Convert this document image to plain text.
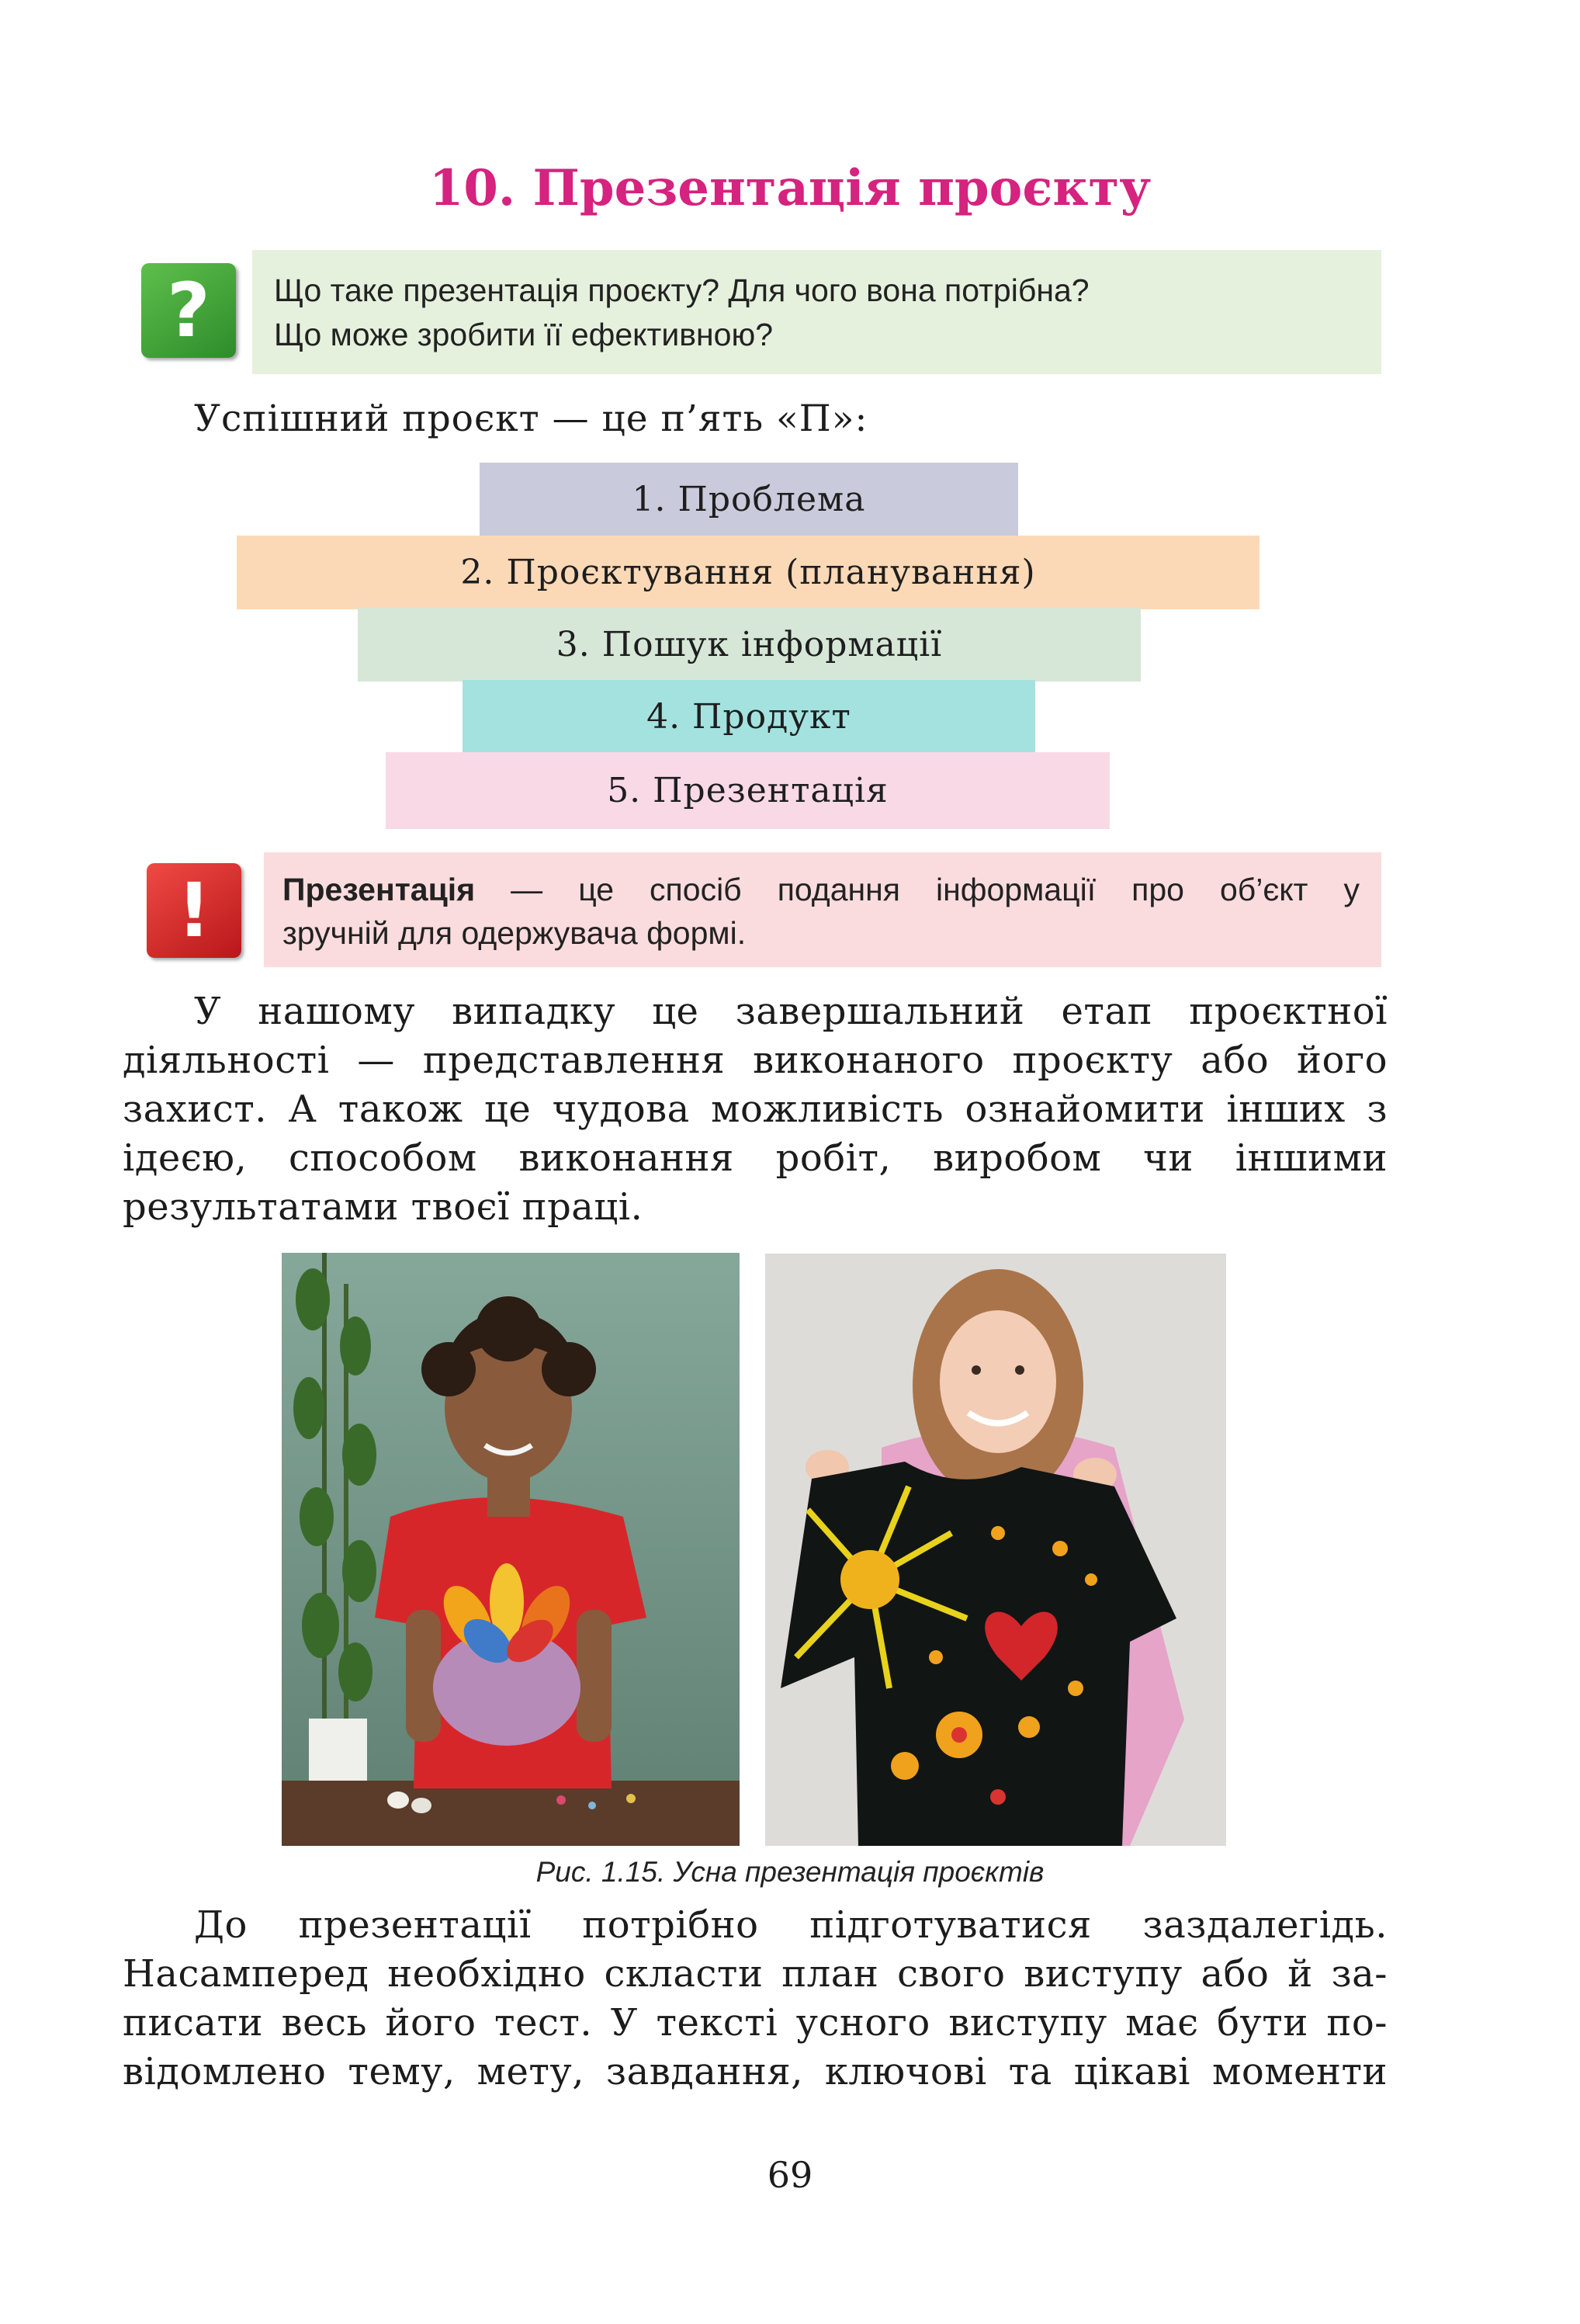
10. Презентація проєкту
?	Що таке презентація проєкту? Для чого вона потрібна?
Що може зробити її ефективною?
Успішний проєкт — це п’ять «П»:
1. Проблема
2. Проєктування (планування)
3. Пошук інформації
4. Продукт
5. Презентація
!	Презентація — це спосіб подання інформації про об’єкт у
зручній для одержувача формі.
У нашому випадку це завершальний етап проєктної
діяльності — представлення виконаного проєкту або його
захист. А також це чудова можливість ознайомити інших з
ідеєю, способом виконання робіт, виробом чи іншими
результатами твоєї праці.
Рис. 1.15. Усна презентація проєктів
До презентації потрібно підготуватися заздалегідь.
Насамперед необхідно скласти план свого виступу або й за-
писати весь його тест. У тексті усного виступу має бути по-
відомлено тему, мету, завдання, ключові та цікаві моменти
69
